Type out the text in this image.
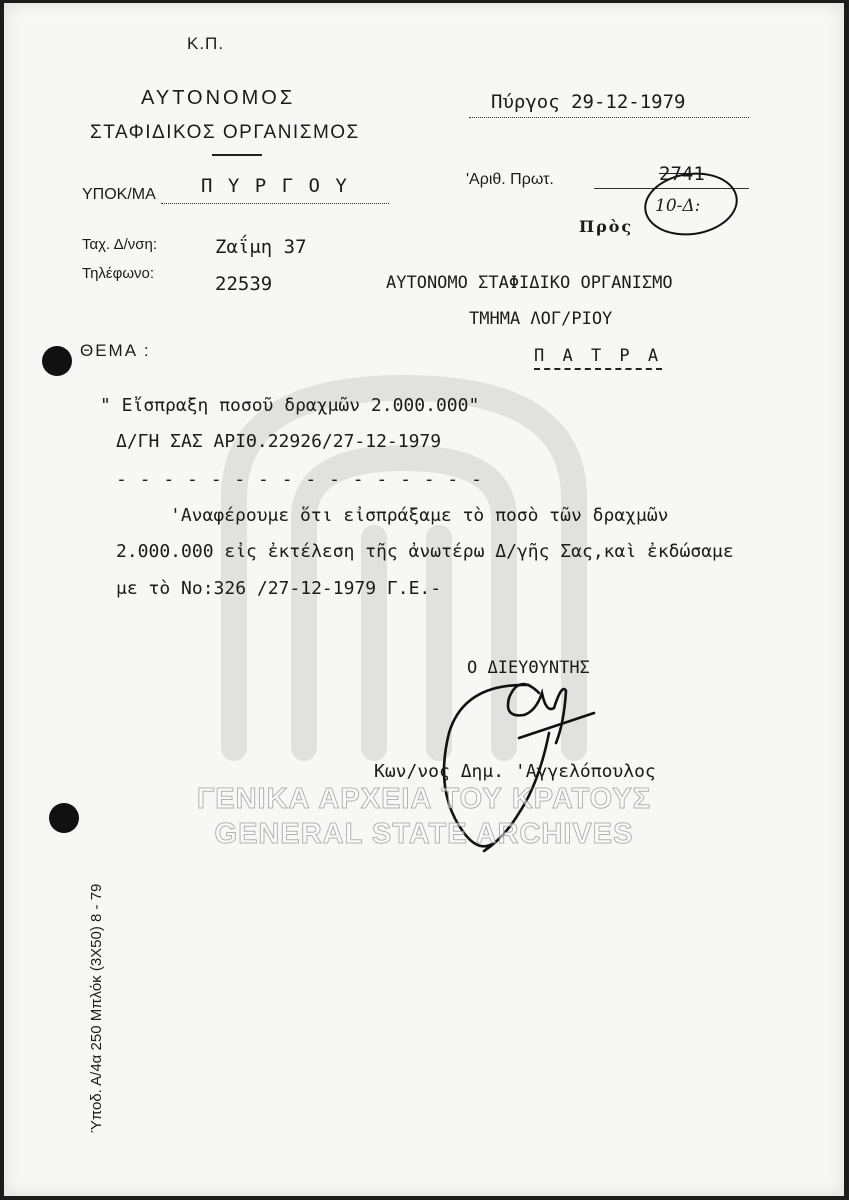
Κ.Π.
ΑΥΤΟΝΟΜΟΣ
ΣΤΑΦΙΔΙΚΟΣ ΟΡΓΑΝΙΣΜΟΣ
ΥΠΟΚ/ΜΑ Π Υ Ρ Γ Ο Υ
Ταχ. Δ/νση:	Ζαΐμη 37
Τηλέφωνο:	22539
Πύργος 29-12-1979
'Αριθ. Πρωτ.	2741
10-Δ:
Πρὸς
ΑΥΤΟΝΟΜΟ ΣΤΑΦΙΔΙΚΟ ΟΡΓΑΝΙΣΜΟ
ΤΜΗΜΑ ΛΟΓ/ΡΙΟΥ
Π Α Τ Ρ Α
ΘΕΜΑ :
" Εἴσπραξη ποσοῦ δραχμῶν 2.000.000"
Δ/ΓΗ ΣΑΣ ΑΡΙΘ.22926/27-12-1979
- - - - - - - - - - - - - - - -
'Αναφέρουμε ὅτι εἰσπράξαμε τὸ ποσὸ τῶν δραχμῶν
2.000.000 εἰς ἐκτέλεση τῆς ἀνωτέρω Δ/γῆς Σας,καὶ ἐκδώσαμε
με τὸ Νο:326 /27-12-1979 Γ.Ε.-
Ο ΔΙΕΥΘΥΝΤΗΣ
Κων/νος Δημ. 'Αγγελόπουλος
ΓΕΝΙΚΑ ΑΡΧΕΙΑ ΤΟΥ ΚΡΑΤΟΥΣ
GENERAL STATE ARCHIVES
Ύποδ. Α/4α 250 Μπλόκ (3Χ50) 8 - 79
